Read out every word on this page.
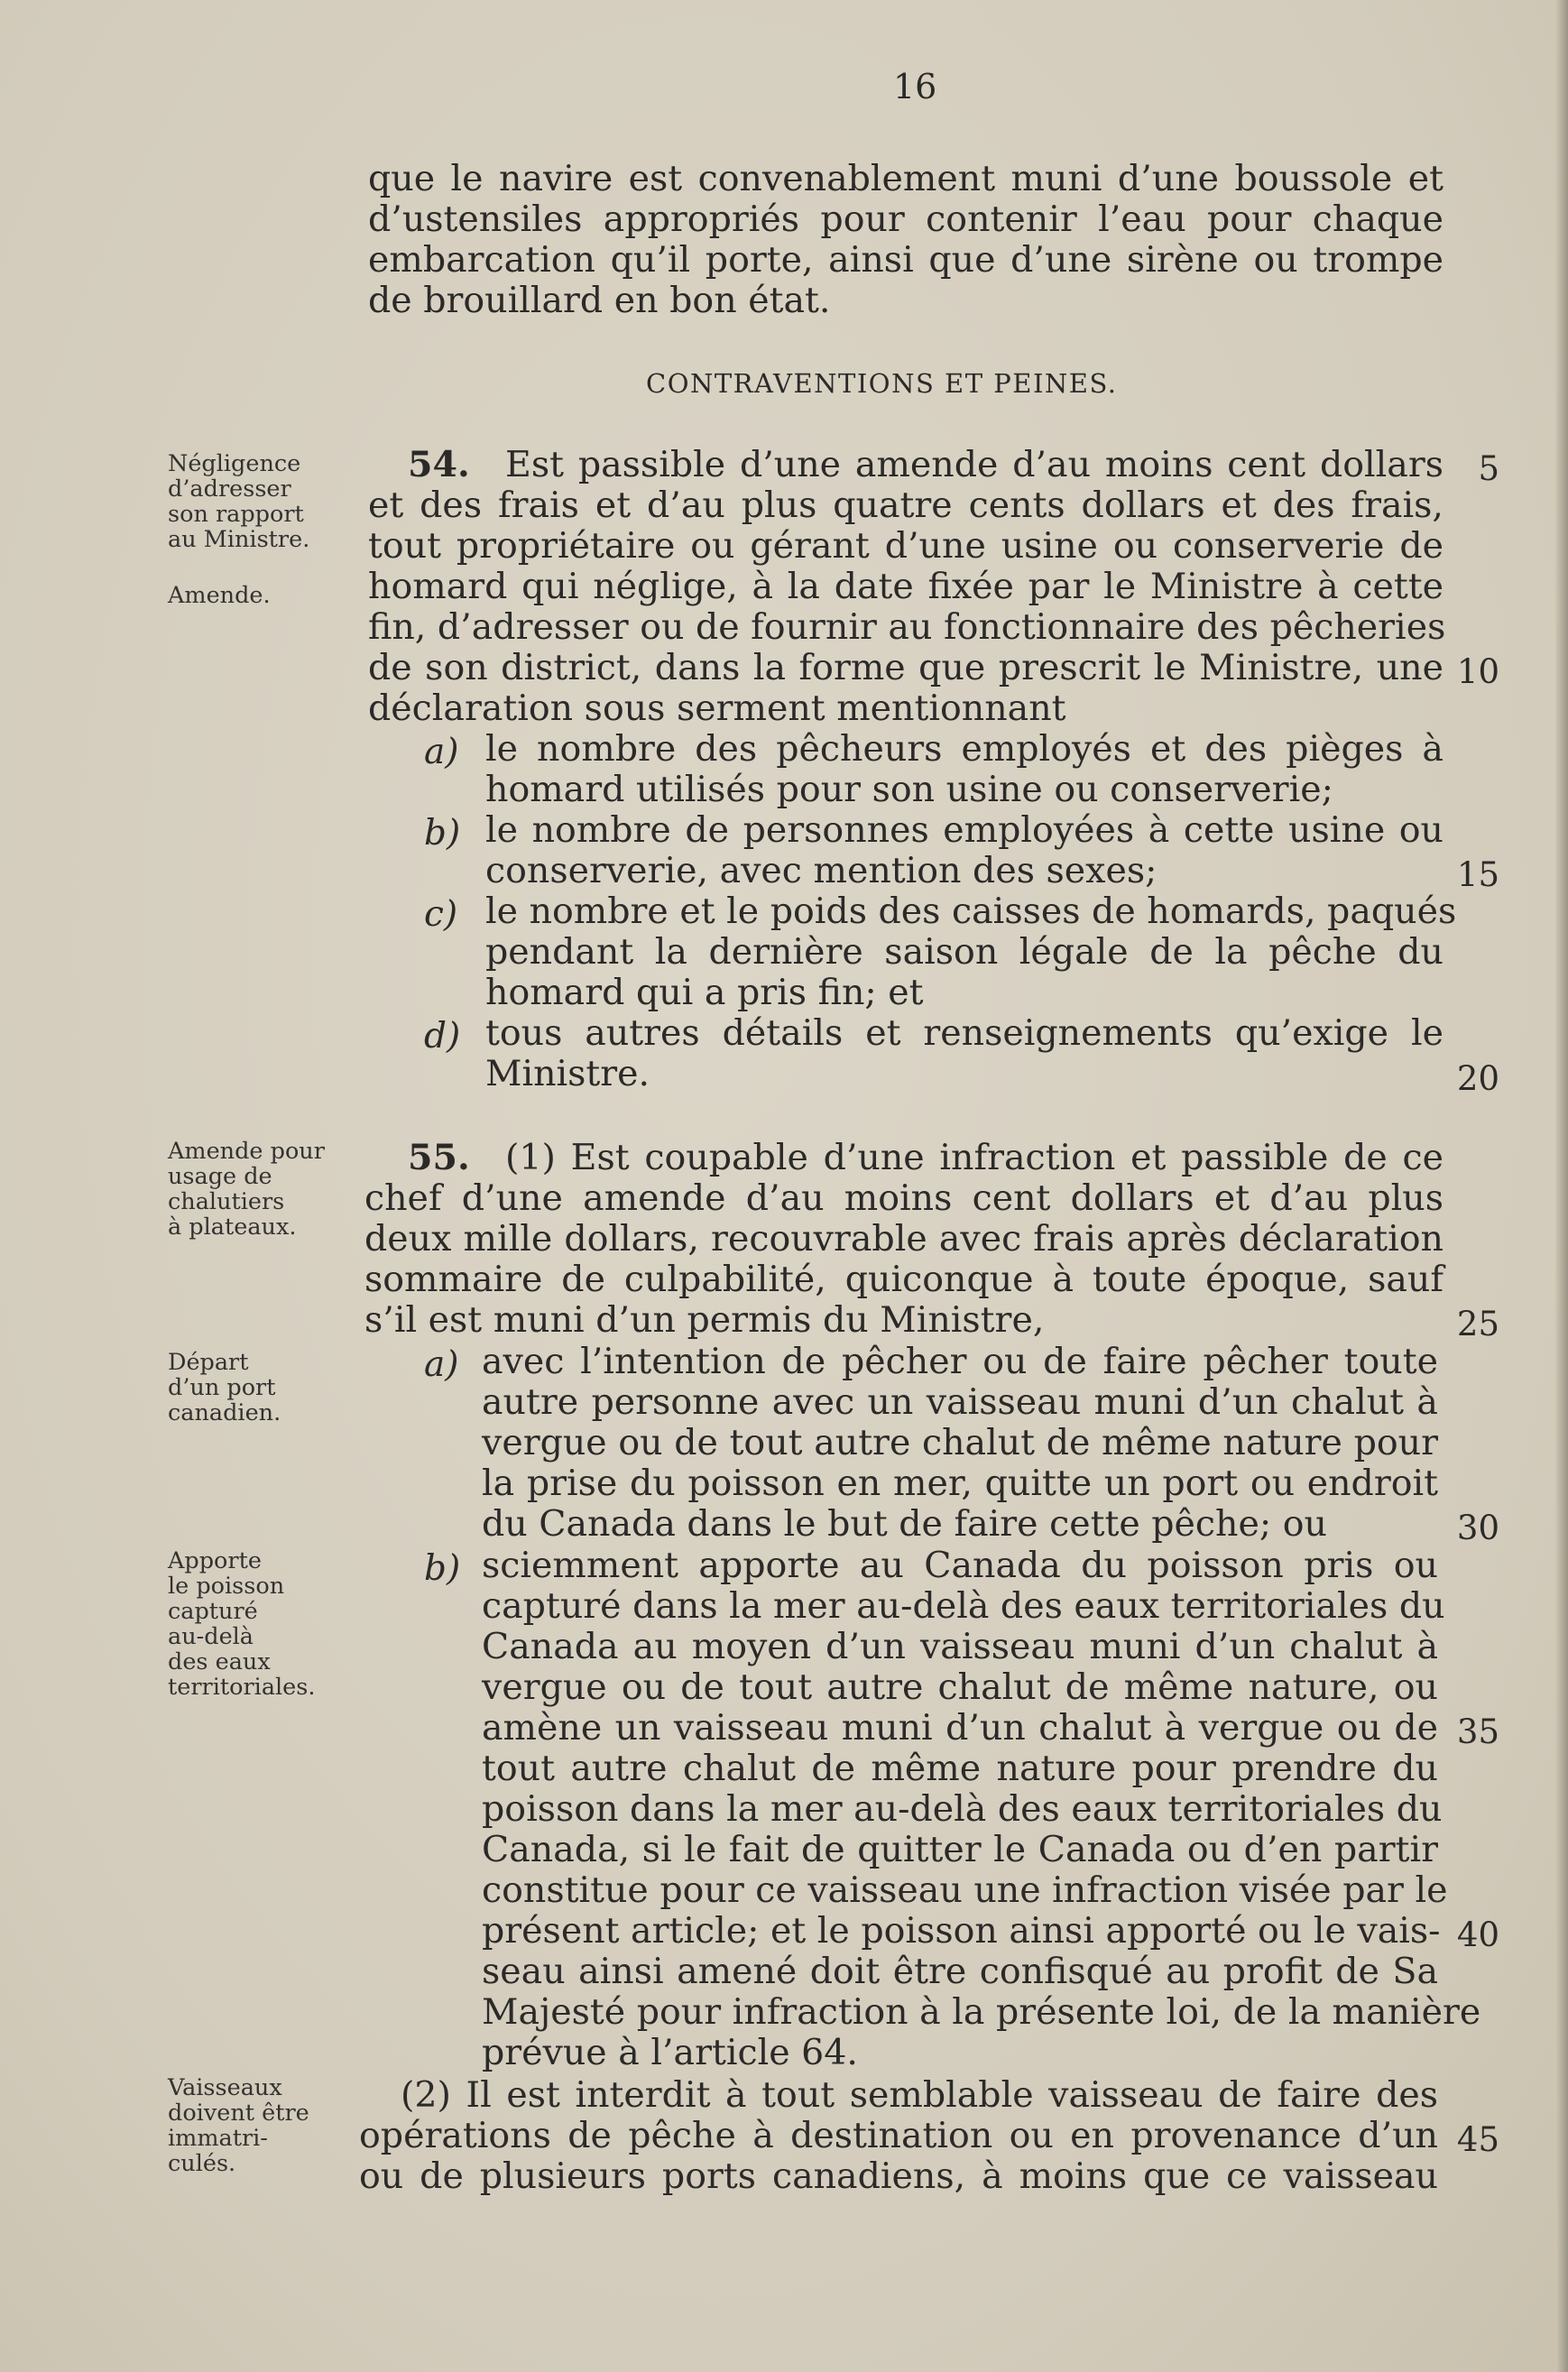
16
que le navire est convenablement muni d’une boussole et
d’ustensiles appropriés pour contenir l’eau pour chaque
embarcation qu’il porte, ainsi que d’une sirène ou trompe
de brouillard en bon état.
CONTRAVENTIONS ET PEINES.
Négligence
d’adresser
son rapport
au Ministre.
Amende.
Amende pour
usage de
chalutiers
à plateaux.
Départ
d’un port
canadien.
Apporte
le poisson
capturé
au-delà
des eaux
territoriales.
Vaisseaux
doivent être
immatri-
culés.
54. Est passible d’une amende d’au moins cent dollars
et des frais et d’au plus quatre cents dollars et des frais,
tout propriétaire ou gérant d’une usine ou conserverie de
homard qui néglige, à la date fixée par le Ministre à cette
fin, d’adresser ou de fournir au fonctionnaire des pêcheries
de son district, dans la forme que prescrit le Ministre, une
déclaration sous serment mentionnant
a) le nombre des pêcheurs employés et des pièges à
homard utilisés pour son usine ou conserverie;
b) le nombre de personnes employées à cette usine ou
conserverie, avec mention des sexes;
c) le nombre et le poids des caisses de homards, paqués
pendant la dernière saison légale de la pêche du
homard qui a pris fin; et
d) tous autres détails et renseignements qu’exige le
Ministre.
55. (1) Est coupable d’une infraction et passible de ce
chef d’une amende d’au moins cent dollars et d’au plus
deux mille dollars, recouvrable avec frais après déclaration
sommaire de culpabilité, quiconque à toute époque, sauf
s’il est muni d’un permis du Ministre,
a) avec l’intention de pêcher ou de faire pêcher toute
autre personne avec un vaisseau muni d’un chalut à
vergue ou de tout autre chalut de même nature pour
la prise du poisson en mer, quitte un port ou endroit
du Canada dans le but de faire cette pêche; ou
b) sciemment apporte au Canada du poisson pris ou
capturé dans la mer au-delà des eaux territoriales du
Canada au moyen d’un vaisseau muni d’un chalut à
vergue ou de tout autre chalut de même nature, ou
amène un vaisseau muni d’un chalut à vergue ou de
tout autre chalut de même nature pour prendre du
poisson dans la mer au-delà des eaux territoriales du
Canada, si le fait de quitter le Canada ou d’en partir
constitue pour ce vaisseau une infraction visée par le
présent article; et le poisson ainsi apporté ou le vais-
seau ainsi amené doit être confisqué au profit de Sa
Majesté pour infraction à la présente loi, de la manière
prévue à l’article 64.
(2) Il est interdit à tout semblable vaisseau de faire des
opérations de pêche à destination ou en provenance d’un
ou de plusieurs ports canadiens, à moins que ce vaisseau
5
10
15
20
25
30
35
40
45
